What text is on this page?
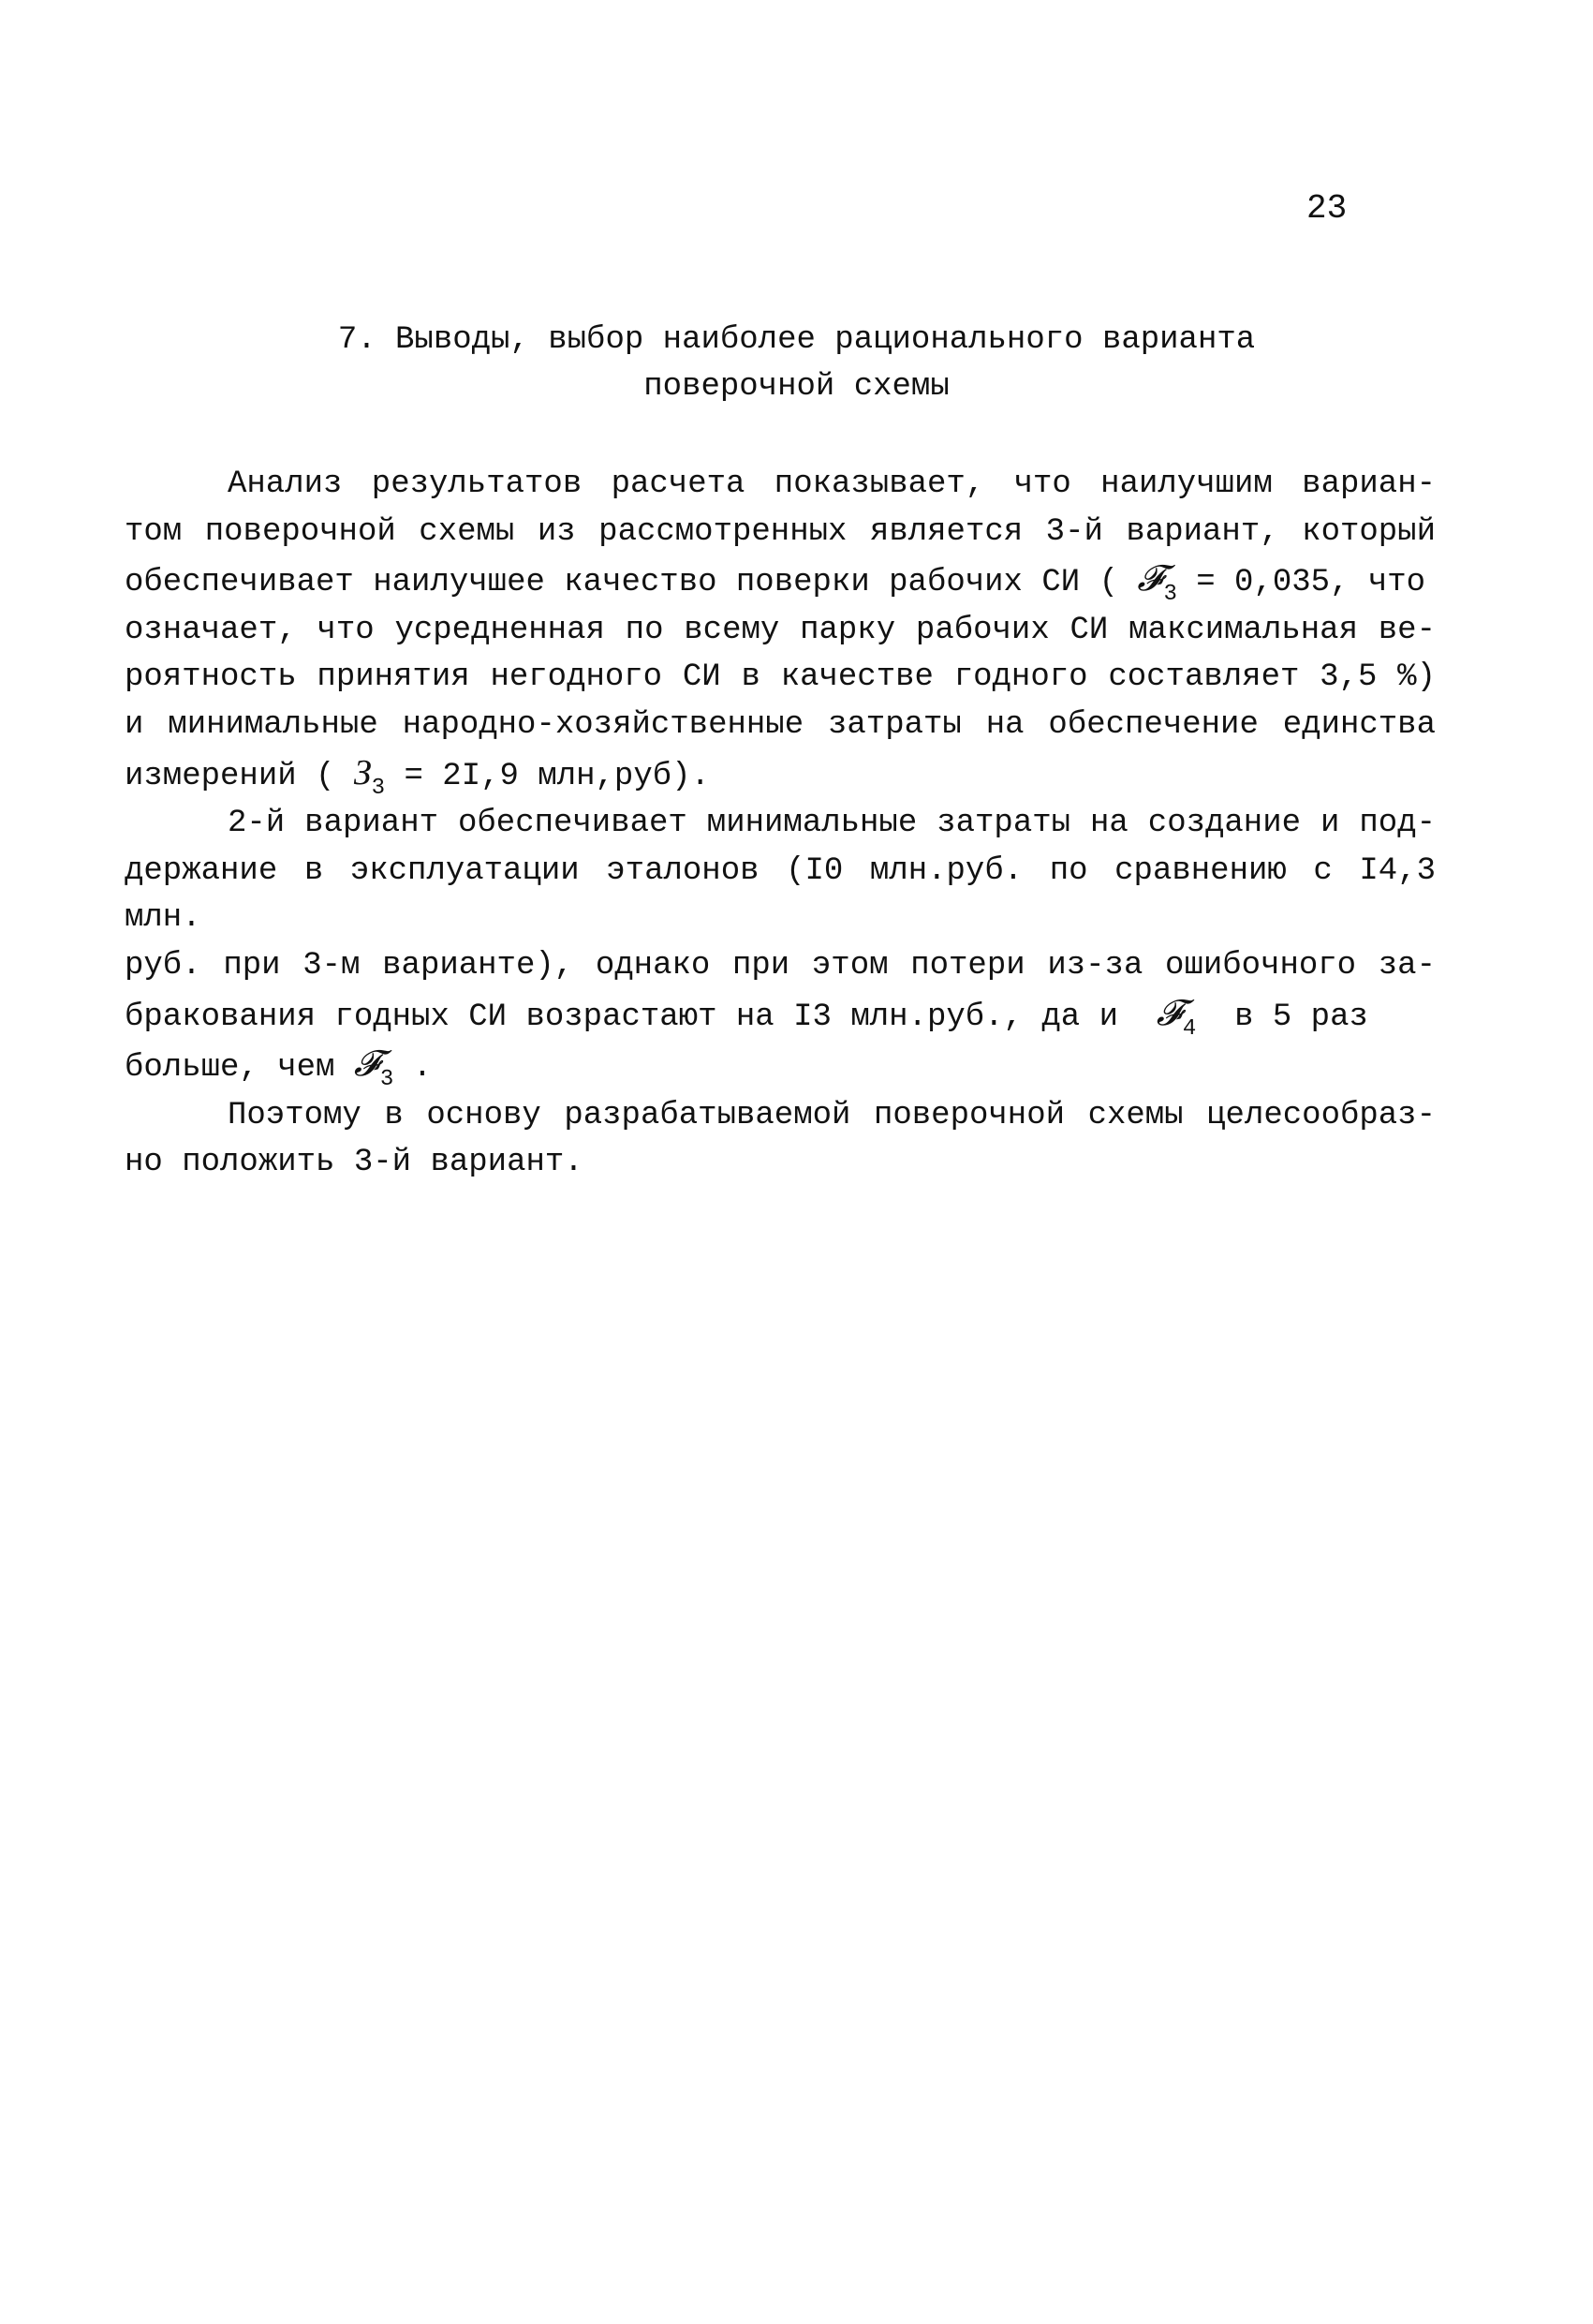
23
7. Выводы, выбор наиболее рационального варианта
поверочной схемы
Анализ результатов расчета показывает, что наилучшим вариан-
том поверочной схемы из рассмотренных является 3-й вариант, который
обеспечивает наилучшее качество поверки рабочих СИ ( 𝓕$_3$ = 0,035, что
означает, что усредненная по всему парку рабочих СИ максимальная ве-
роятность принятия негодного СИ в качестве годного составляет 3,5 %)
и минимальные народно-хозяйственные затраты на обеспечение единства
измерений ( $З_3 = 2I,9$ млн,руб).
2-й вариант обеспечивает минимальные затраты на создание и под-
держание в эксплуатации эталонов (I0 млн.руб. по сравнению с I4,3 млн.
руб. при 3-м варианте), однако при этом потери из-за ошибочного за-
бракования годных СИ возрастают на I3 млн.руб., да и 𝓕$_4$ в 5 раз
больше, чем 𝓕$_3$ .
Поэтому в основу разрабатываемой поверочной схемы целесообраз-
но положить 3-й вариант.
